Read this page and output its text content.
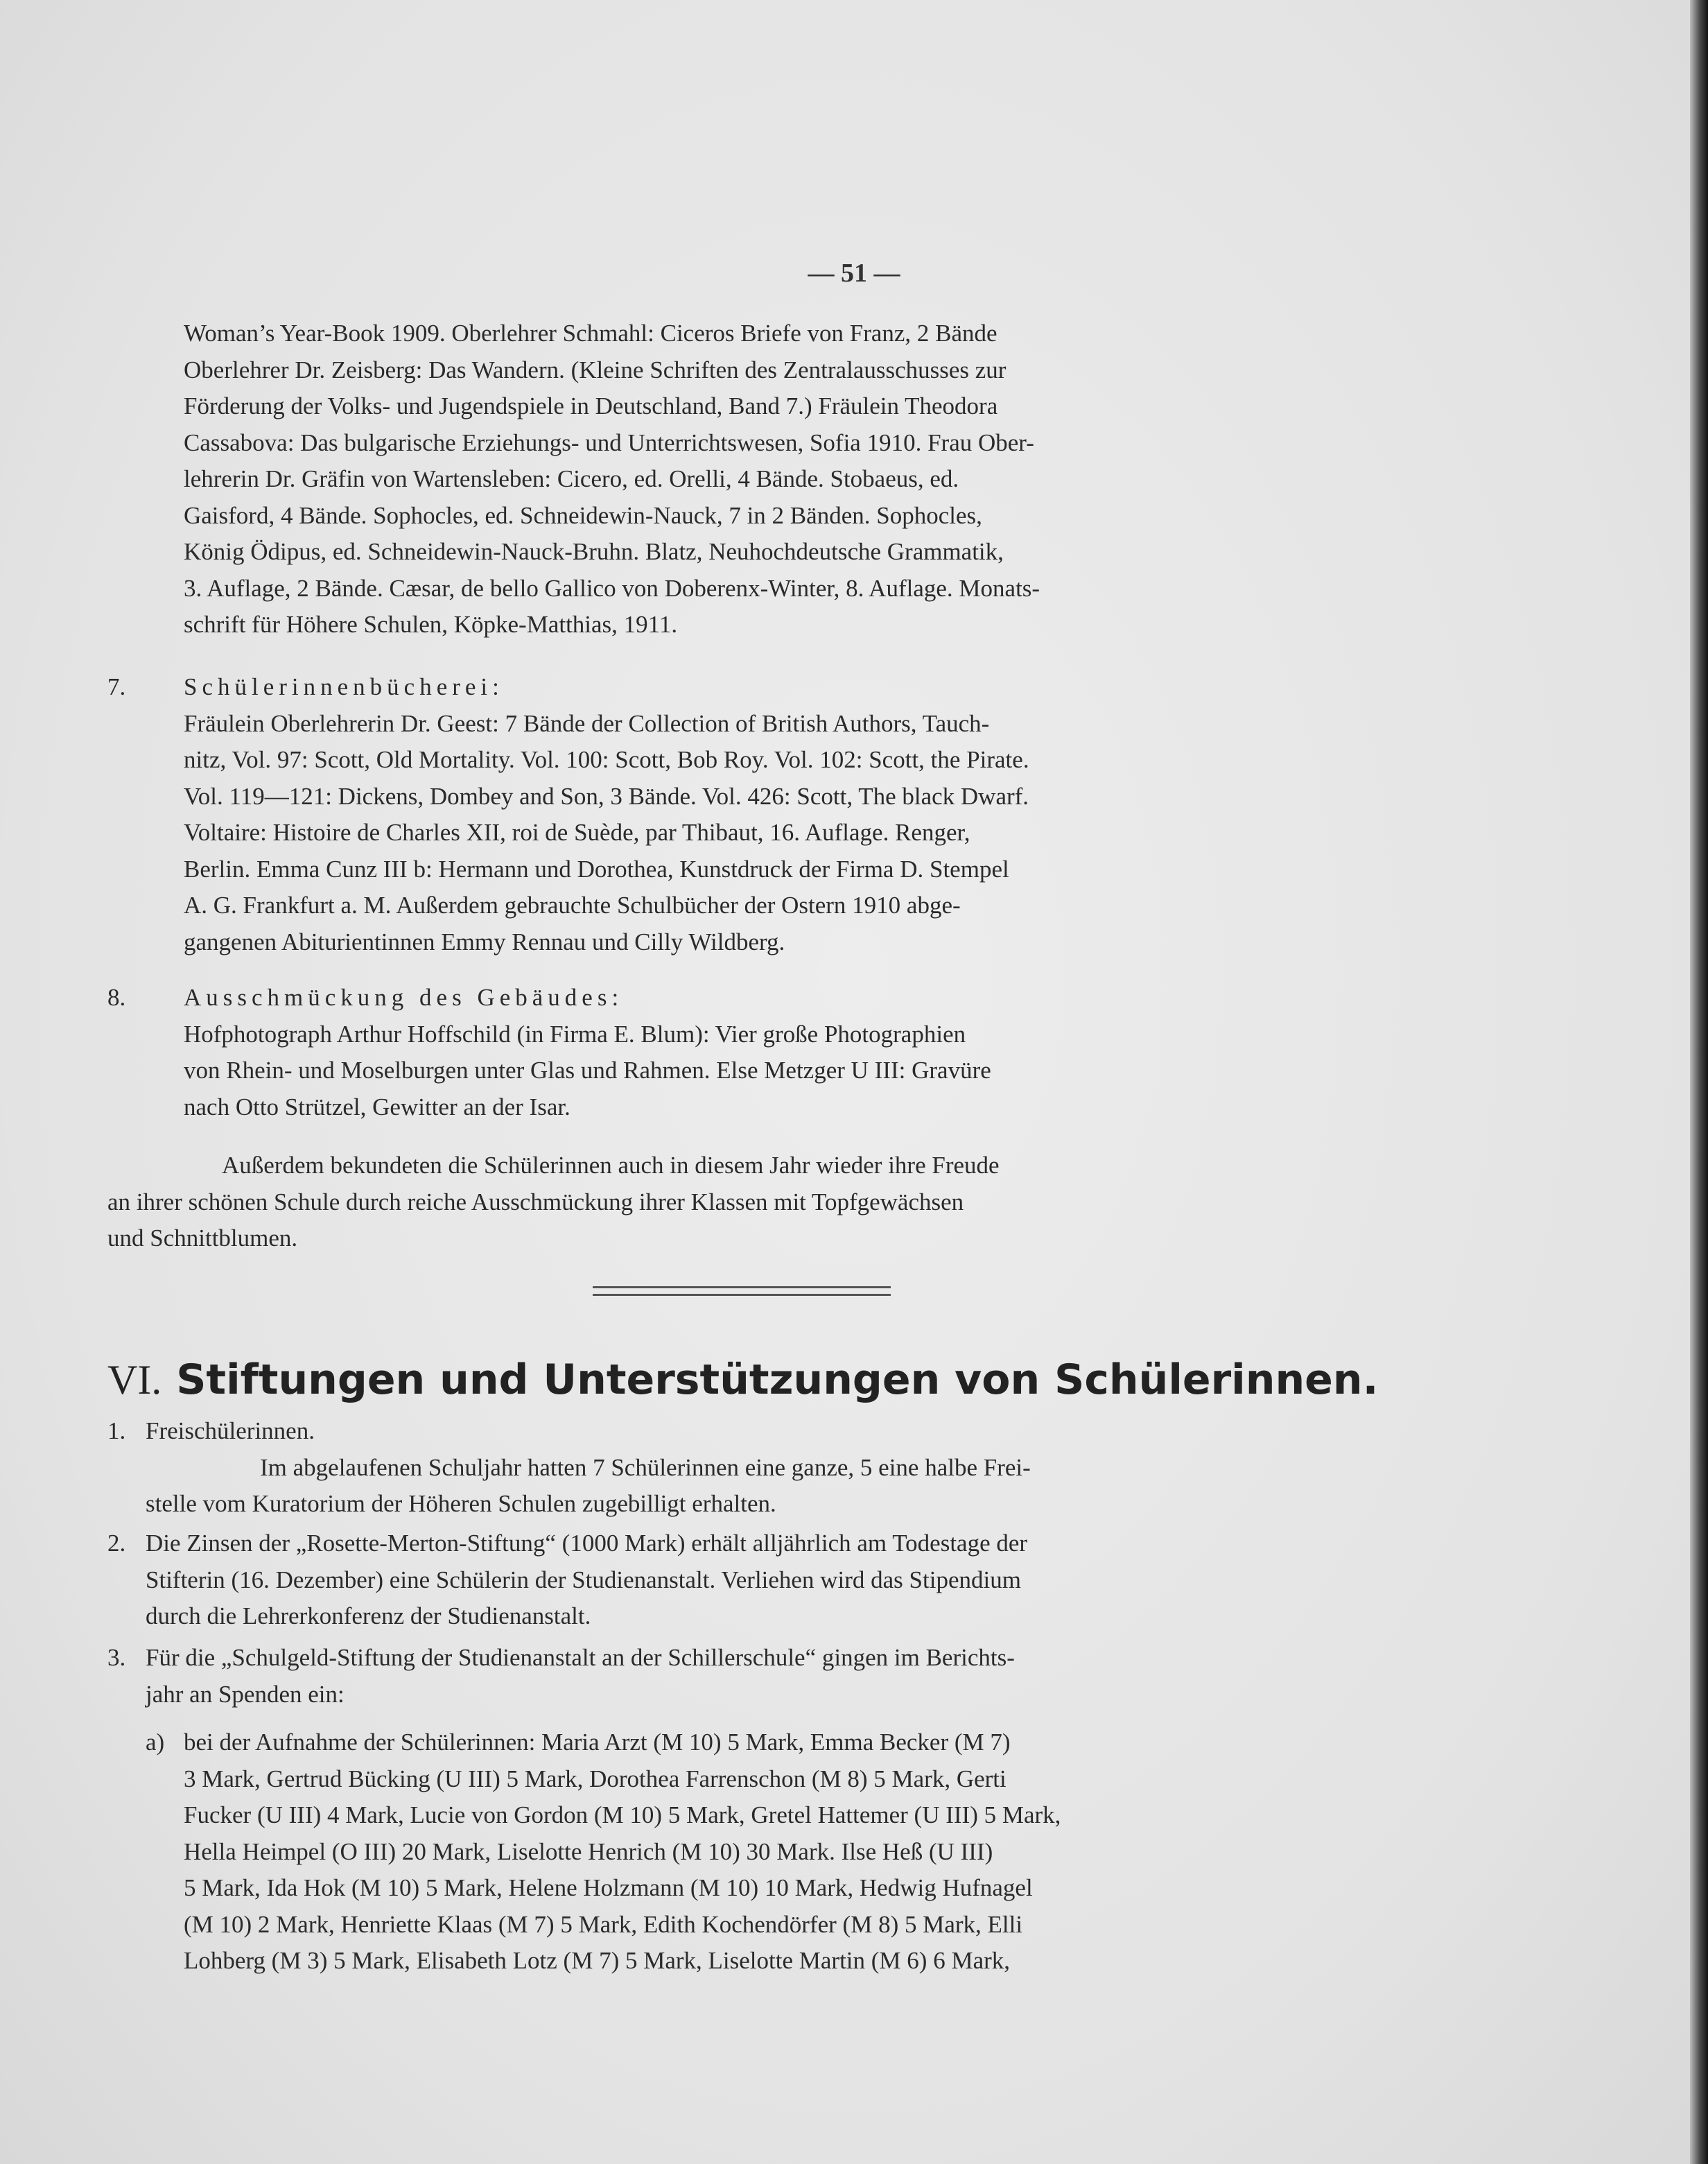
— 51 —
Woman’s Year-Book 1909. Oberlehrer Schmahl: Ciceros Briefe von Franz, 2 Bände
Oberlehrer Dr. Zeisberg: Das Wandern. (Kleine Schriften des Zentralausschusses zur
Förderung der Volks- und Jugendspiele in Deutschland, Band 7.) Fräulein Theodora
Cassabova: Das bulgarische Erziehungs- und Unterrichtswesen, Sofia 1910. Frau Ober-
lehrerin Dr. Gräfin von Wartensleben: Cicero, ed. Orelli, 4 Bände. Stobaeus, ed.
Gaisford, 4 Bände. Sophocles, ed. Schneidewin-Nauck, 7 in 2 Bänden. Sophocles,
König Ödipus, ed. Schneidewin-Nauck-Bruhn. Blatz, Neuhochdeutsche Grammatik,
3. Auflage, 2 Bände. Cæsar, de bello Gallico von Doberenx-Winter, 8. Auflage. Monats-
schrift für Höhere Schulen, Köpke-Matthias, 1911.
7. Schülerinnenbücherei:
Fräulein Oberlehrerin Dr. Geest: 7 Bände der Collection of British Authors, Tauch-
nitz, Vol. 97: Scott, Old Mortality. Vol. 100: Scott, Bob Roy. Vol. 102: Scott, the Pirate.
Vol. 119—121: Dickens, Dombey and Son, 3 Bände. Vol. 426: Scott, The black Dwarf.
Voltaire: Histoire de Charles XII, roi de Suède, par Thibaut, 16. Auflage. Renger,
Berlin. Emma Cunz III b: Hermann und Dorothea, Kunstdruck der Firma D. Stempel
A. G. Frankfurt a. M. Außerdem gebrauchte Schulbücher der Ostern 1910 abge-
gangenen Abiturientinnen Emmy Rennau und Cilly Wildberg.
8. Ausschmückung des Gebäudes:
Hofphotograph Arthur Hoffschild (in Firma E. Blum): Vier große Photographien
von Rhein- und Moselburgen unter Glas und Rahmen. Else Metzger U III: Gravüre
nach Otto Strützel, Gewitter an der Isar.
Außerdem bekundeten die Schülerinnen auch in diesem Jahr wieder ihre Freude
an ihrer schönen Schule durch reiche Ausschmückung ihrer Klassen mit Topfgewächsen
und Schnittblumen.
VI. Stiftungen und Unterstützungen von Schülerinnen.
1. Freischülerinnen.
Im abgelaufenen Schuljahr hatten 7 Schülerinnen eine ganze, 5 eine halbe Frei-
stelle vom Kuratorium der Höheren Schulen zugebilligt erhalten.
2. Die Zinsen der „Rosette-Merton-Stiftung“ (1000 Mark) erhält alljährlich am Todestage der
Stifterin (16. Dezember) eine Schülerin der Studienanstalt. Verliehen wird das Stipendium
durch die Lehrerkonferenz der Studienanstalt.
3. Für die „Schulgeld-Stiftung der Studienanstalt an der Schillerschule“ gingen im Berichts-
jahr an Spenden ein:
a) bei der Aufnahme der Schülerinnen: Maria Arzt (M 10) 5 Mark, Emma Becker (M 7)
3 Mark, Gertrud Bücking (U III) 5 Mark, Dorothea Farrenschon (M 8) 5 Mark, Gerti
Fucker (U III) 4 Mark, Lucie von Gordon (M 10) 5 Mark, Gretel Hattemer (U III) 5 Mark,
Hella Heimpel (O III) 20 Mark, Liselotte Henrich (M 10) 30 Mark. Ilse Heß (U III)
5 Mark, Ida Hok (M 10) 5 Mark, Helene Holzmann (M 10) 10 Mark, Hedwig Hufnagel
(M 10) 2 Mark, Henriette Klaas (M 7) 5 Mark, Edith Kochendörfer (M 8) 5 Mark, Elli
Lohberg (M 3) 5 Mark, Elisabeth Lotz (M 7) 5 Mark, Liselotte Martin (M 6) 6 Mark,
